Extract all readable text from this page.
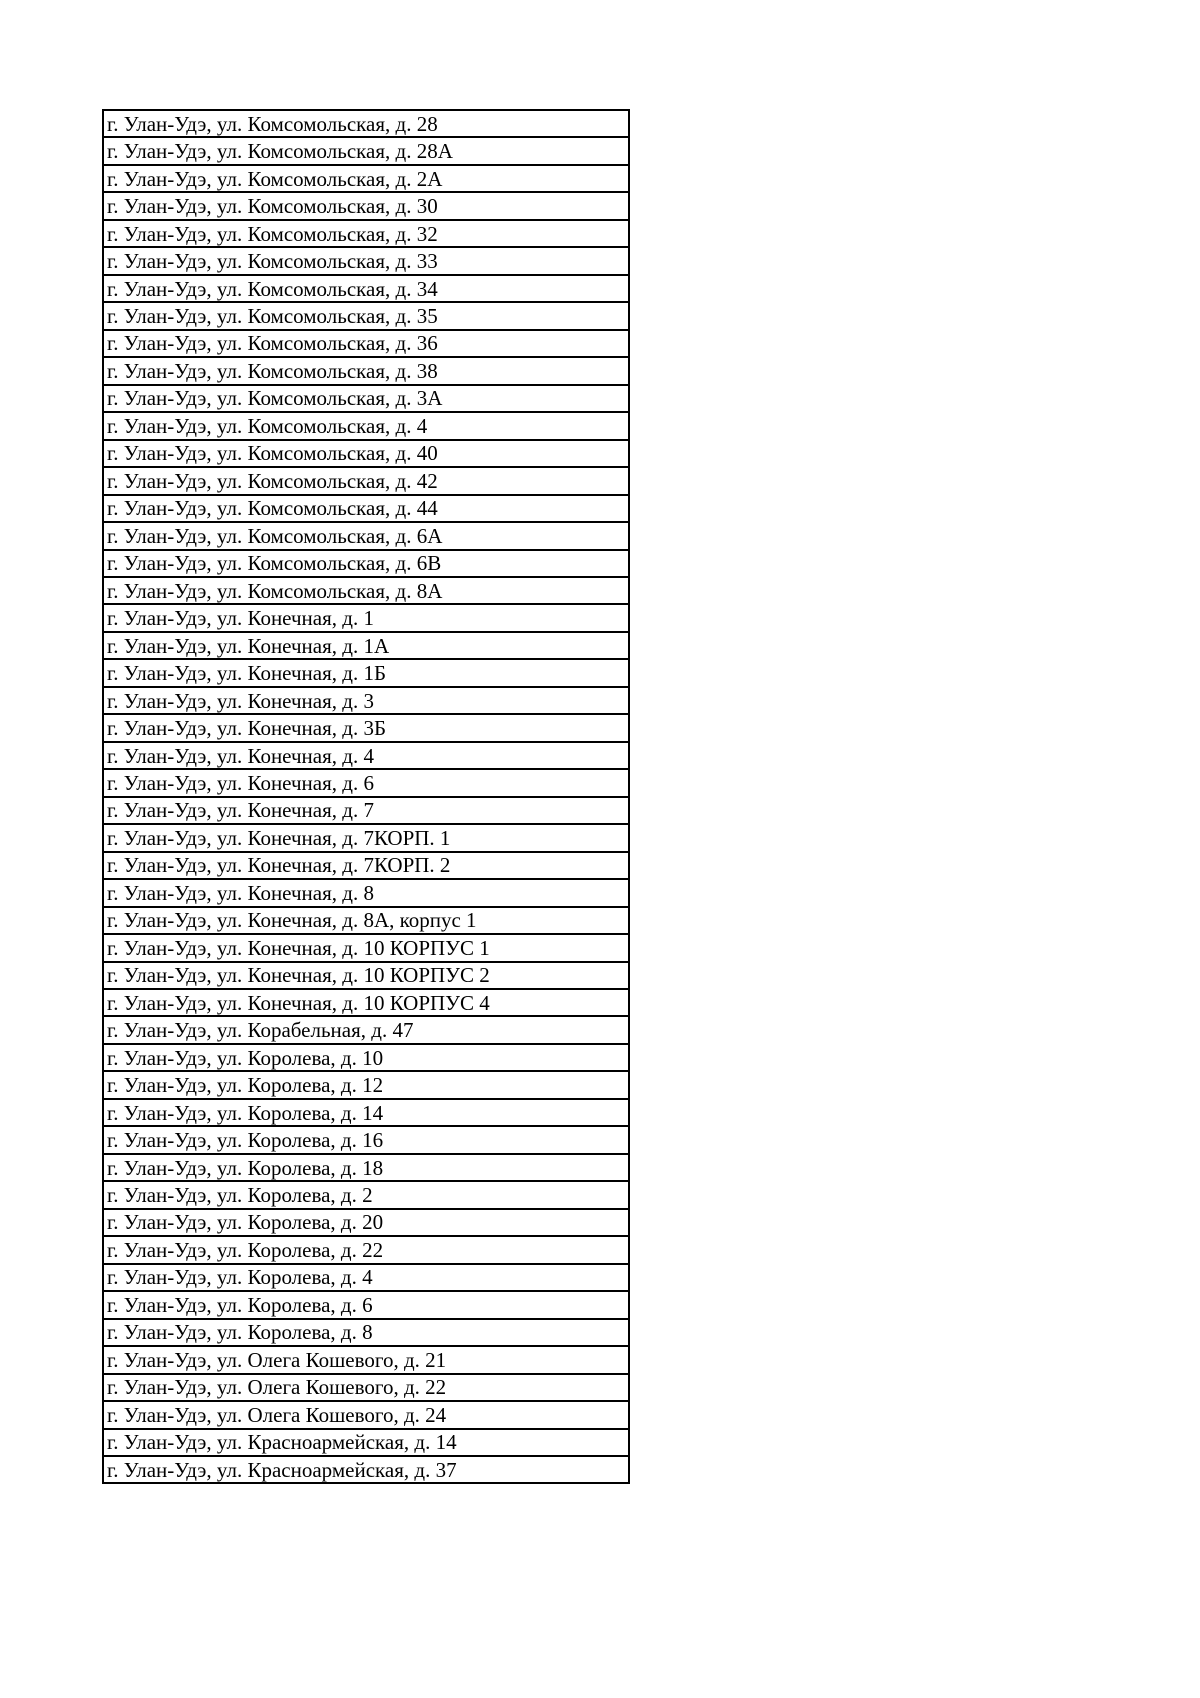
г. Улан-Удэ, ул. Комсомольская, д. 28
г. Улан-Удэ, ул. Комсомольская, д. 28А
г. Улан-Удэ, ул. Комсомольская, д. 2А
г. Улан-Удэ, ул. Комсомольская, д. 30
г. Улан-Удэ, ул. Комсомольская, д. 32
г. Улан-Удэ, ул. Комсомольская, д. 33
г. Улан-Удэ, ул. Комсомольская, д. 34
г. Улан-Удэ, ул. Комсомольская, д. 35
г. Улан-Удэ, ул. Комсомольская, д. 36
г. Улан-Удэ, ул. Комсомольская, д. 38
г. Улан-Удэ, ул. Комсомольская, д. 3А
г. Улан-Удэ, ул. Комсомольская, д. 4
г. Улан-Удэ, ул. Комсомольская, д. 40
г. Улан-Удэ, ул. Комсомольская, д. 42
г. Улан-Удэ, ул. Комсомольская, д. 44
г. Улан-Удэ, ул. Комсомольская, д. 6А
г. Улан-Удэ, ул. Комсомольская, д. 6В
г. Улан-Удэ, ул. Комсомольская, д. 8А
г. Улан-Удэ, ул. Конечная, д. 1
г. Улан-Удэ, ул. Конечная, д. 1А
г. Улан-Удэ, ул. Конечная, д. 1Б
г. Улан-Удэ, ул. Конечная, д. 3
г. Улан-Удэ, ул. Конечная, д. 3Б
г. Улан-Удэ, ул. Конечная, д. 4
г. Улан-Удэ, ул. Конечная, д. 6
г. Улан-Удэ, ул. Конечная, д. 7
г. Улан-Удэ, ул. Конечная, д. 7КОРП. 1
г. Улан-Удэ, ул. Конечная, д. 7КОРП. 2
г. Улан-Удэ, ул. Конечная, д. 8
г. Улан-Удэ, ул. Конечная, д. 8А, корпус 1
г. Улан-Удэ, ул. Конечная, д. 10 КОРПУС 1
г. Улан-Удэ, ул. Конечная, д. 10 КОРПУС 2
г. Улан-Удэ, ул. Конечная, д. 10 КОРПУС 4
г. Улан-Удэ, ул. Корабельная, д. 47
г. Улан-Удэ, ул. Королева, д. 10
г. Улан-Удэ, ул. Королева, д. 12
г. Улан-Удэ, ул. Королева, д. 14
г. Улан-Удэ, ул. Королева, д. 16
г. Улан-Удэ, ул. Королева, д. 18
г. Улан-Удэ, ул. Королева, д. 2
г. Улан-Удэ, ул. Королева, д. 20
г. Улан-Удэ, ул. Королева, д. 22
г. Улан-Удэ, ул. Королева, д. 4
г. Улан-Удэ, ул. Королева, д. 6
г. Улан-Удэ, ул. Королева, д. 8
г. Улан-Удэ, ул. Олега Кошевого, д. 21
г. Улан-Удэ, ул. Олега Кошевого, д. 22
г. Улан-Удэ, ул. Олега Кошевого, д. 24
г. Улан-Удэ, ул. Красноармейская, д. 14
г. Улан-Удэ, ул. Красноармейская, д. 37
